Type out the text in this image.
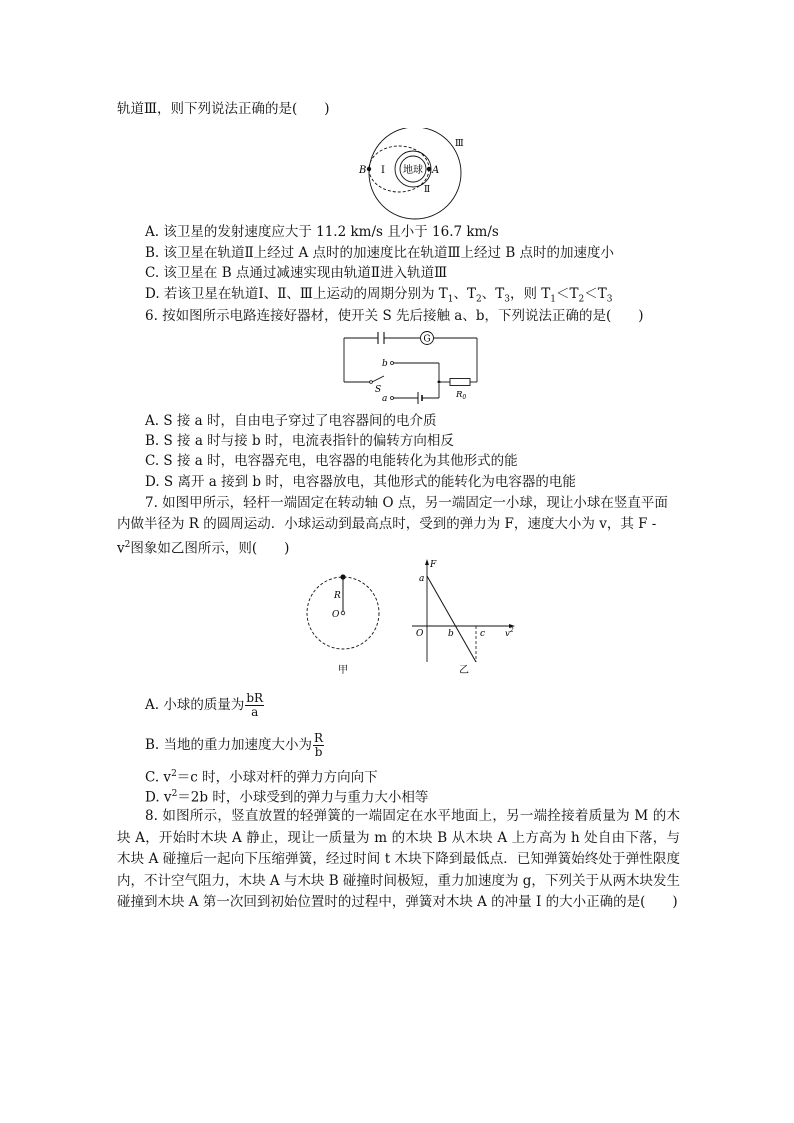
轨道Ⅲ，则下列说法正确的是(　　)
地球
B	A
Ⅰ
Ⅱ
Ⅲ
A. 该卫星的发射速度应大于 11.2 km/s 且小于 16.7 km/s
B. 该卫星在轨道Ⅱ上经过 A 点时的加速度比在轨道Ⅲ上经过 B 点时的加速度小
C. 该卫星在 B 点通过减速实现由轨道Ⅱ进入轨道Ⅲ
D. 若该卫星在轨道Ⅰ、Ⅱ、Ⅲ上运动的周期分别为 $T_1$、$T_2$、$T_3$，则 $T_1<T_2<T_3$
6. 按如图所示电路连接好器材，使开关 S 先后接触 a、b，下列说法正确的是(　　)
G
b
S	$R_0$
a
A. S 接 a 时，自由电子穿过了电容器间的电介质
B. S 接 a 时与接 b 时，电流表指针的偏转方向相反
C. S 接 a 时，电容器充电，电容器的电能转化为其他形式的能
D. S 离开 a 接到 b 时，电容器放电，其他形式的能转化为电容器的电能
7. 如图甲所示，轻杆一端固定在转动轴 O 点，另一端固定一小球，现让小球在竖直平面
内做半径为 R 的圆周运动．小球运动到最高点时，受到的弹力为 F，速度大小为 v，其 F -
$v^2$图象如乙图所示，则(　　)
R
O
甲
F
a
O	b	c $v^2$
乙
A. 小球的质量为 $\frac{bR}{a}$
B. 当地的重力加速度大小为 $\frac{R}{b}$
C. $v^2=c$ 时，小球对杆的弹力方向向下
D. $v^2=2b$ 时，小球受到的弹力与重力大小相等
8. 如图所示，竖直放置的轻弹簧的一端固定在水平地面上，另一端拴接着质量为 M 的木块 A，开始时木块 A 静止，现让一质量为 m 的木块 B 从木块 A 上方高为 h 处自由下落，与木块 A 碰撞后一起向下压缩弹簧，经过时间 t 木块下降到最低点．已知弹簧始终处于弹性限度内，不计空气阻力，木块 A 与木块 B 碰撞时间极短，重力加速度为 g，下列关于从两木块发生碰撞到木块 A 第一次回到初始位置时的过程中，弹簧对木块 A 的冲量 I 的大小正确的是(　　)
